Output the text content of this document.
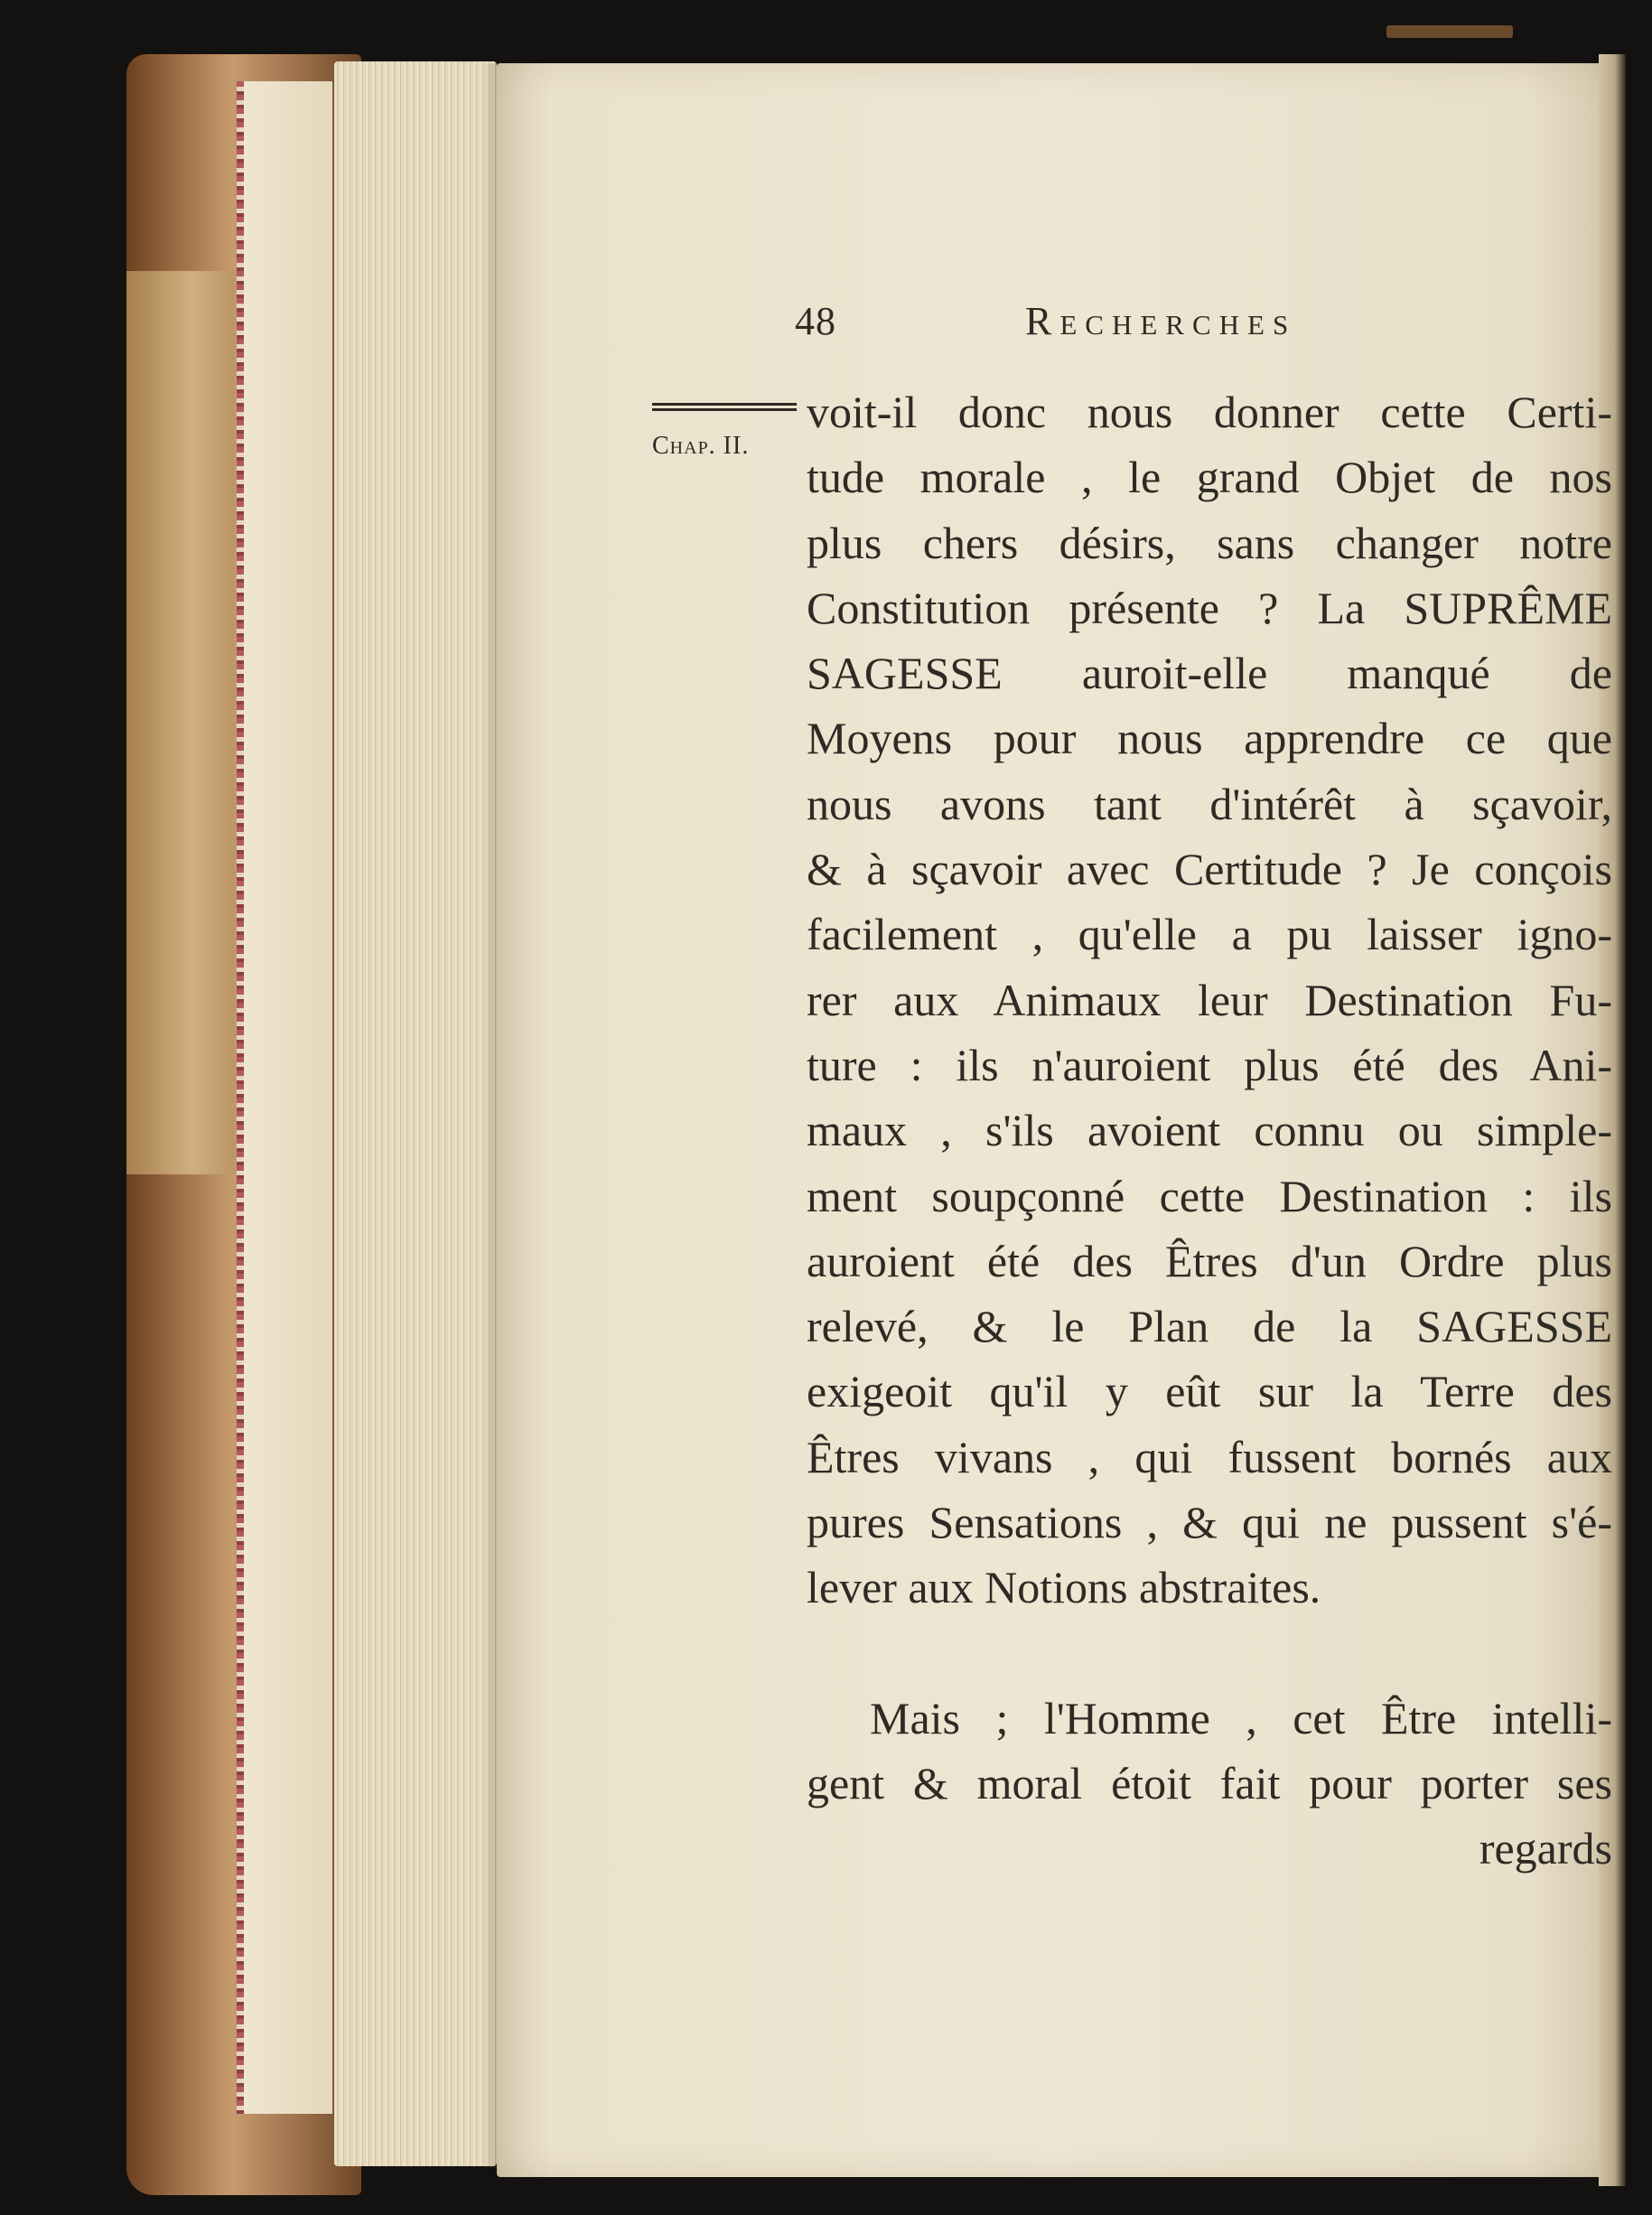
48	Recherches
Chap. II.
voit-il donc nous donner cette Certi-
tude morale , le grand Objet de nos
plus chers désirs, sans changer notre
Constitution présente ? La SUPRÊME
SAGESSE auroit-elle manqué de
Moyens pour nous apprendre ce que
nous avons tant d'intérêt à sçavoir,
& à sçavoir avec Certitude ? Je conçois
facilement , qu'elle a pu laisser igno-
rer aux Animaux leur Destination Fu-
ture : ils n'auroient plus été des Ani-
maux , s'ils avoient connu ou simple-
ment soupçonné cette Destination : ils
auroient été des Êtres d'un Ordre plus
relevé, & le Plan de la SAGESSE
exigeoit qu'il y eût sur la Terre des
Êtres vivans , qui fussent bornés aux
pures Sensations , & qui ne pussent s'é-
lever aux Notions abstraites.
Mais ; l'Homme , cet Être intelli-
gent & moral étoit fait pour porter ses
regards
